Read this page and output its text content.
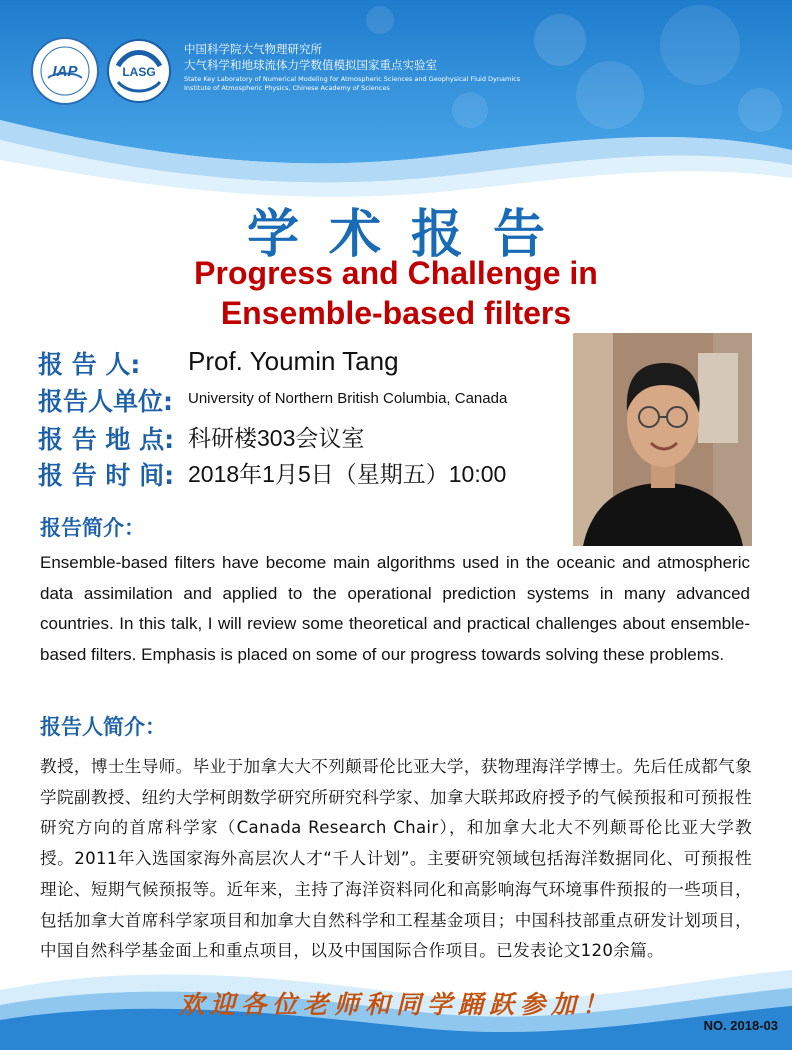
IAP	LASG
中国科学院大气物理研究所
大气科学和地球流体力学数值模拟国家重点实验室
State Key Laboratory of Numerical Modeling for Atmospheric Sciences and Geophysical Fluid Dynamics
Institute of Atmospheric Physics, Chinese Academy of Sciences
学术报告
Progress and Challenge in
Ensemble-based filters
报 告 人: Prof. Youmin Tang
报告人单位: University of Northern British Columbia, Canada
报 告 地 点: 科研楼303会议室
报 告 时 间: 2018年1月5日（星期五）10:00
报告简介：
Ensemble-based filters have become main algorithms used in the oceanic and atmospheric data assimilation and applied to the operational prediction systems in many advanced countries. In this talk, I will review some theoretical and practical challenges about ensemble-based filters. Emphasis is placed on some of our progress towards solving these problems.
报告人简介：
教授，博士生导师。毕业于加拿大大不列颠哥伦比亚大学，获物理海洋学博士。先后任成都气象学院副教授、纽约大学柯朗数学研究所研究科学家、加拿大联邦政府授予的气候预报和可预报性研究方向的首席科学家（Canada Research Chair），和加拿大北大不列颠哥伦比亚大学教授。2011年入选国家海外高层次人才“千人计划”。主要研究领域包括海洋数据同化、可预报性理论、短期气候预报等。近年来，主持了海洋资料同化和高影响海气环境事件预报的一些项目，包括加拿大首席科学家项目和加拿大自然科学和工程基金项目；中国科技部重点研发计划项目，中国自然科学基金面上和重点项目，以及中国国际合作项目。已发表论文120余篇。
欢迎各位老师和同学踊跃参加！
NO. 2018-03
